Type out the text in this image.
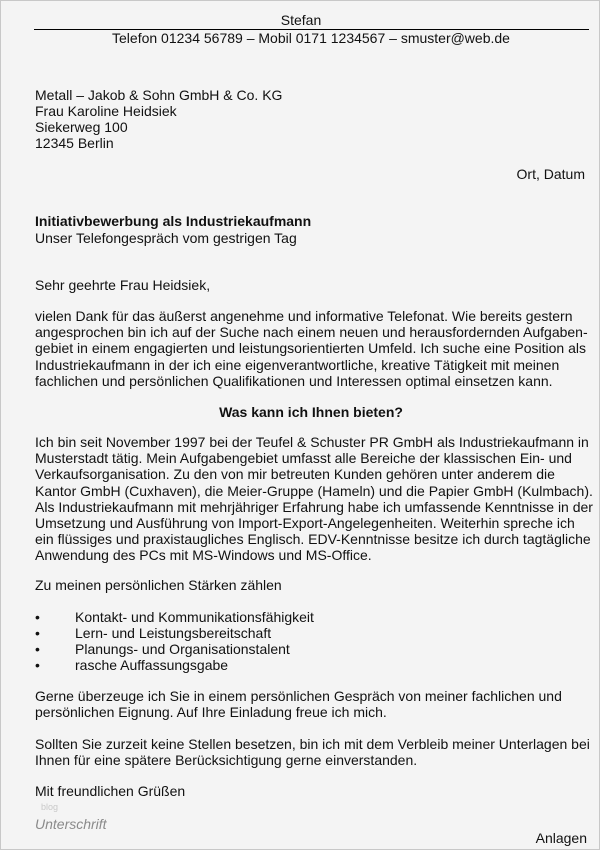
Stefan
Telefon 01234 56789 – Mobil 0171 1234567 – smuster@web.de
Metall – Jakob & Sohn GmbH & Co. KG
Frau Karoline Heidsiek
Siekerweg 100
12345 Berlin
Ort, Datum
Initiativbewerbung als Industriekaufmann
Unser Telefongespräch vom gestrigen Tag
Sehr geehrte Frau Heidsiek,
vielen Dank für das äußerst angenehme und informative Telefonat. Wie bereits gestern
angesprochen bin ich auf der Suche nach einem neuen und herausfordernden Aufgaben-
gebiet in einem engagierten und leistungsorientierten Umfeld. Ich suche eine Position als
Industriekaufmann in der ich eine eigenverantwortliche, kreative Tätigkeit mit meinen
fachlichen und persönlichen Qualifikationen und Interessen optimal einsetzen kann.
Was kann ich Ihnen bieten?
Ich bin seit November 1997 bei der Teufel & Schuster PR GmbH als Industriekaufmann in
Musterstadt tätig. Mein Aufgabengebiet umfasst alle Bereiche der klassischen Ein- und
Verkaufsorganisation. Zu den von mir betreuten Kunden gehören unter anderem die
Kantor GmbH (Cuxhaven), die Meier-Gruppe (Hameln) und die Papier GmbH (Kulmbach).
Als Industriekaufmann mit mehrjähriger Erfahrung habe ich umfassende Kenntnisse in der
Umsetzung und Ausführung von Import-Export-Angelegenheiten. Weiterhin spreche ich
ein flüssiges und praxistaugliches Englisch. EDV-Kenntnisse besitze ich durch tagtägliche
Anwendung des PCs mit MS-Windows und MS-Office.
Zu meinen persönlichen Stärken zählen
•	Kontakt- und Kommunikationsfähigkeit
•	Lern- und Leistungsbereitschaft
•	Planungs- und Organisationstalent
•	rasche Auffassungsgabe
Gerne überzeuge ich Sie in einem persönlichen Gespräch von meiner fachlichen und
persönlichen Eignung. Auf Ihre Einladung freue ich mich.
Sollten Sie zurzeit keine Stellen besetzen, bin ich mit dem Verbleib meiner Unterlagen bei
Ihnen für eine spätere Berücksichtigung gerne einverstanden.
Mit freundlichen Grüßen
blog
Unterschrift
Anlagen
